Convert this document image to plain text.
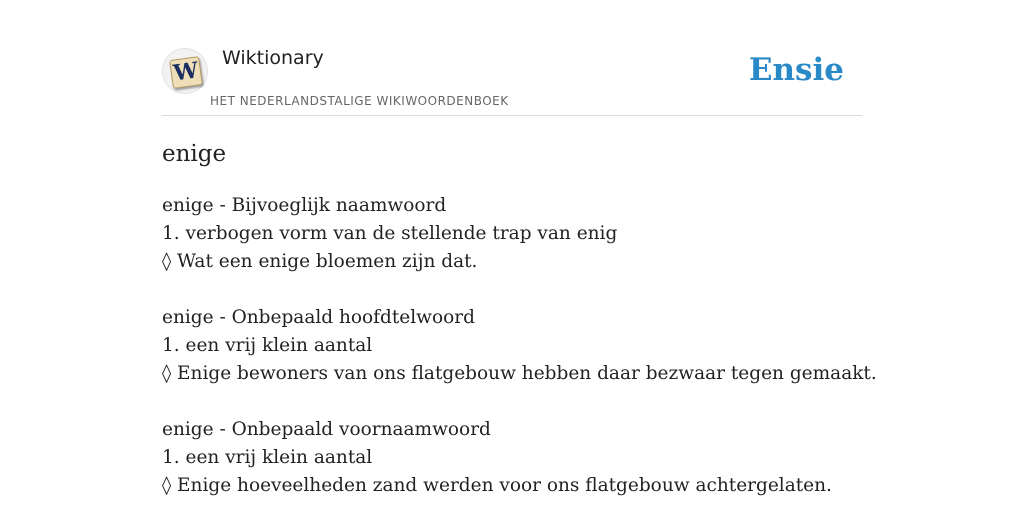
W Wiktionary
HET NEDERLANDSTALIGE WIKIWOORDENBOEK
Ensie
enige
enige - Bijvoeglijk naamwoord
1. verbogen vorm van de stellende trap van enig
◊ Wat een enige bloemen zijn dat.
enige - Onbepaald hoofdtelwoord
1. een vrij klein aantal
◊ Enige bewoners van ons flatgebouw hebben daar bezwaar tegen gemaakt.
enige - Onbepaald voornaamwoord
1. een vrij klein aantal
◊ Enige hoeveelheden zand werden voor ons flatgebouw achtergelaten.
